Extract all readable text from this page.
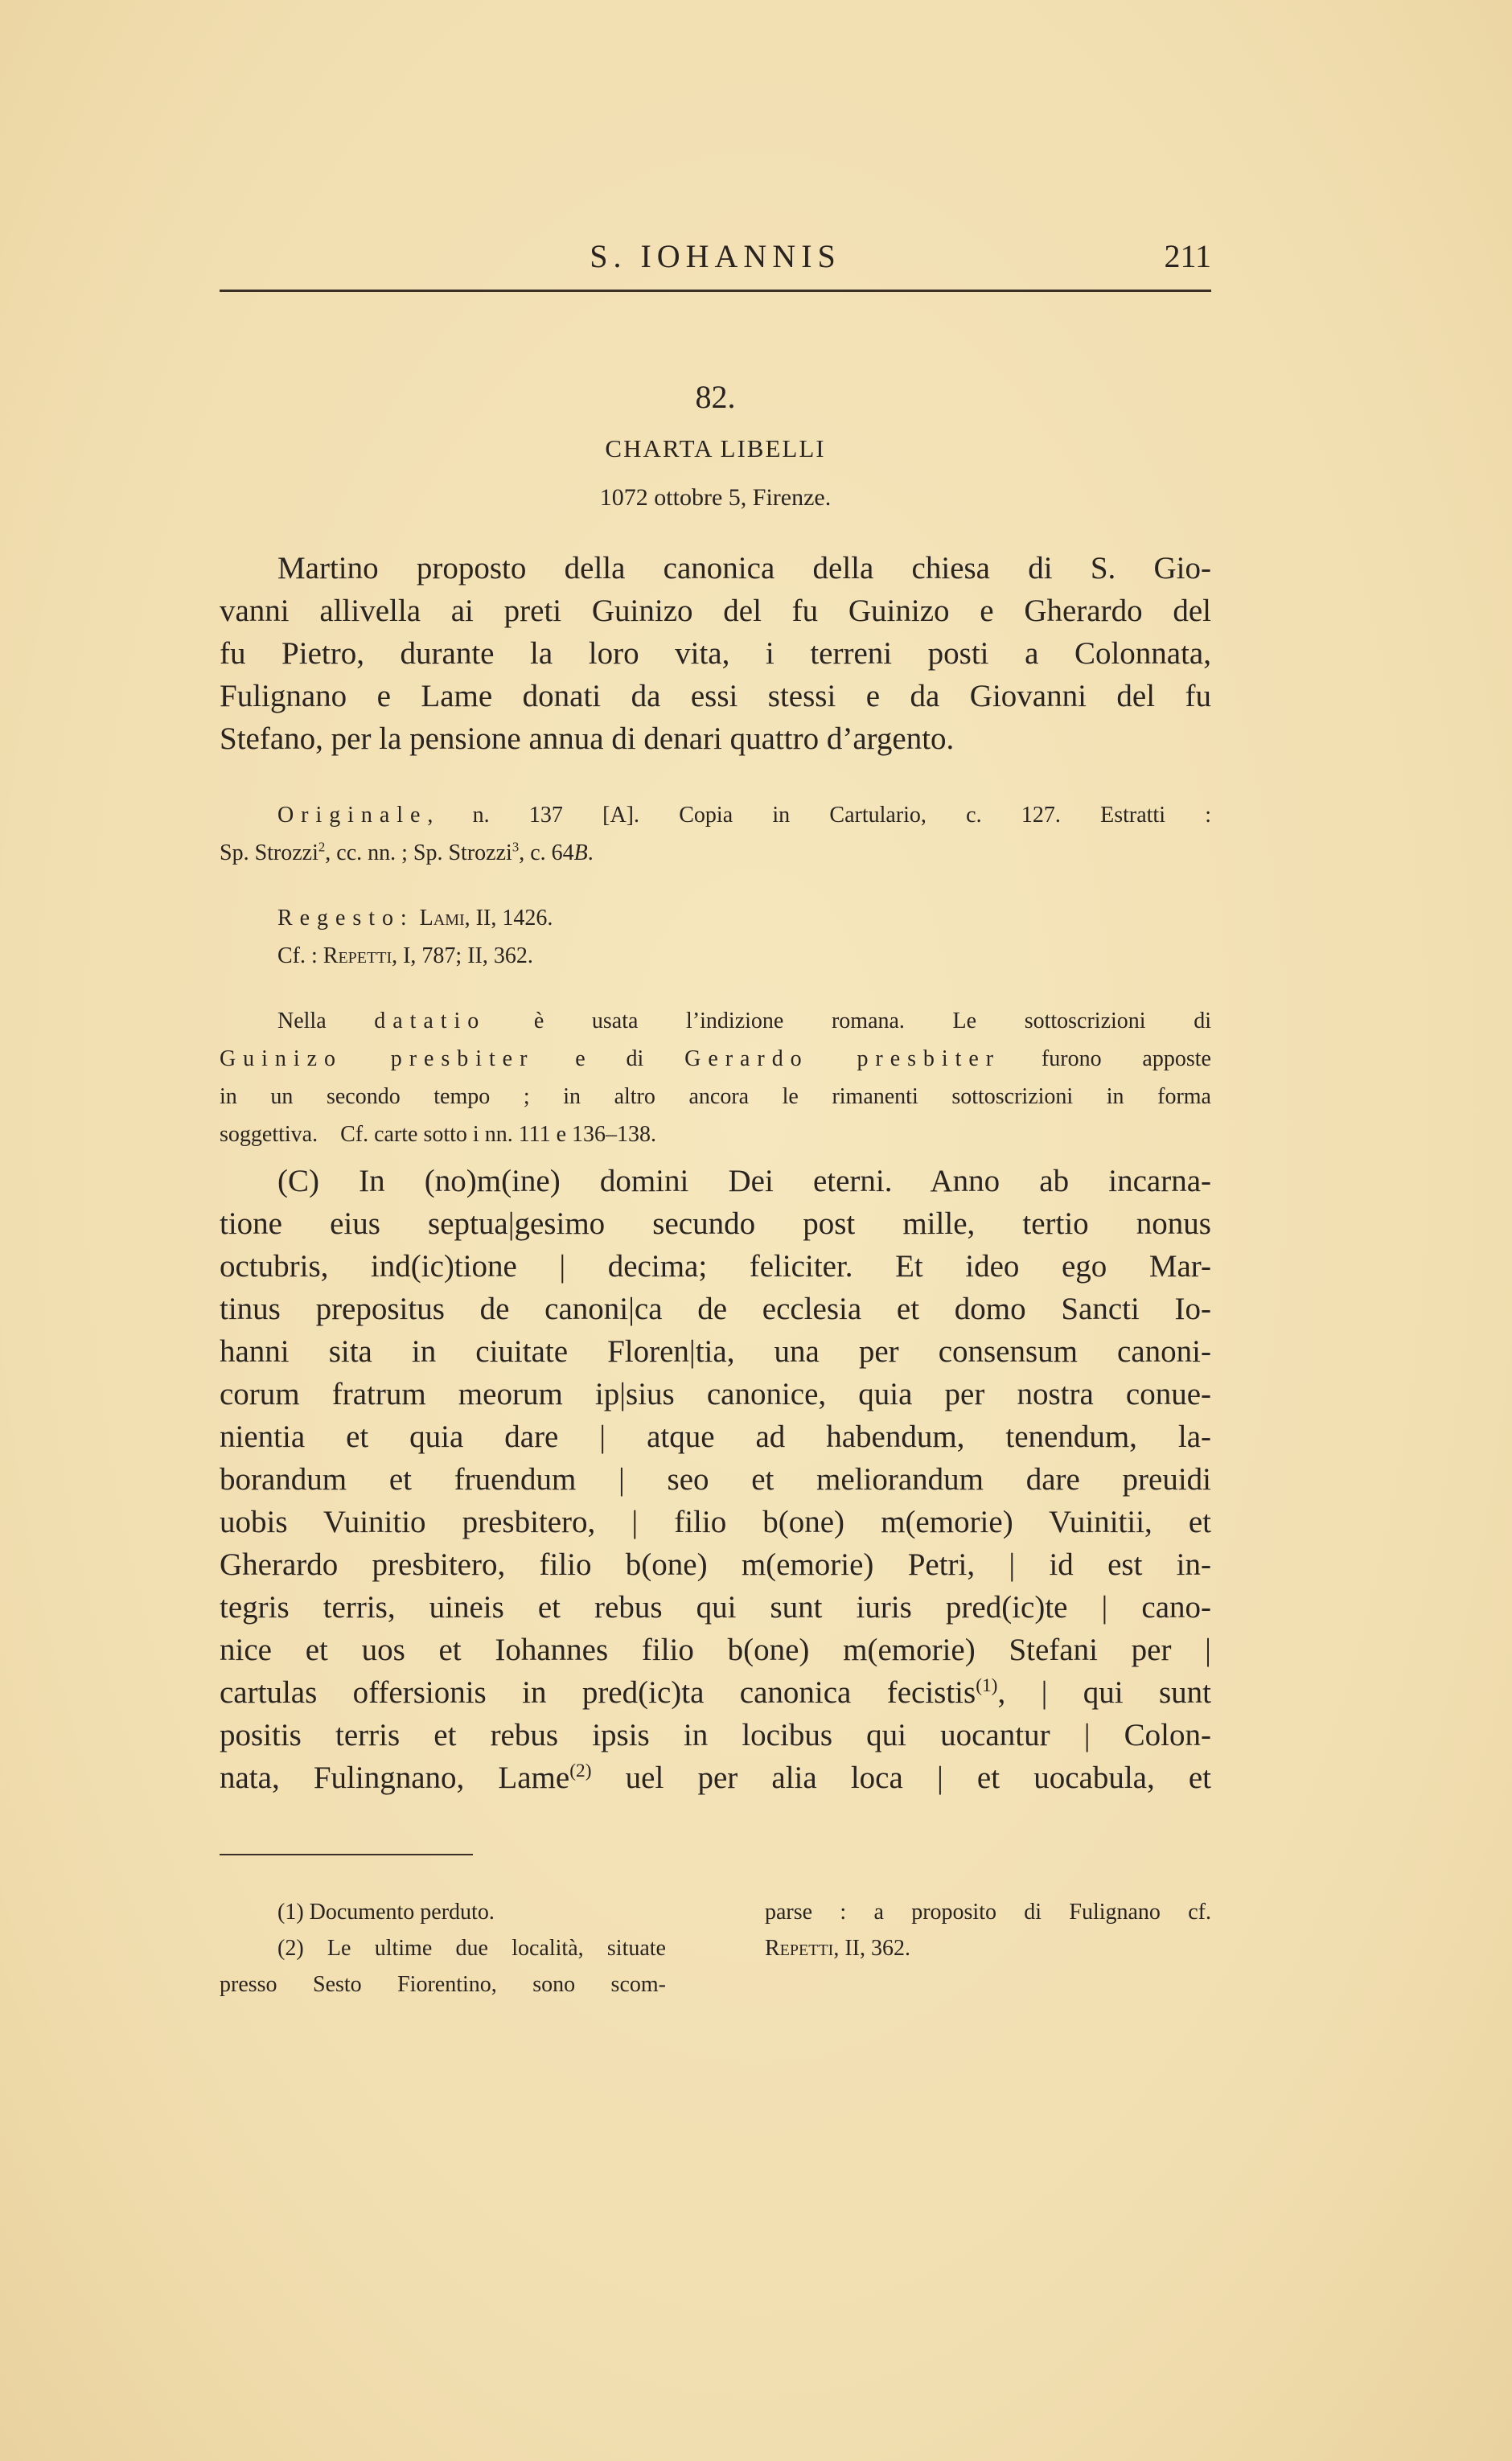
S. IOHANNIS	211
82.
CHARTA LIBELLI
1072 ottobre 5, Firenze.
Martino proposto della canonica della chiesa di S. Gio-
vanni allivella ai preti Guinizo del fu Guinizo e Gherardo del
fu Pietro, durante la loro vita, i terreni posti a Colonnata,
Fulignano e Lame donati da essi stessi e da Giovanni del fu
Stefano, per la pensione annua di denari quattro d’argento.
Originale, n. 137 [A]. Copia in Cartulario, c. 127. Estratti :
Sp. Strozzi$^2$, cc. nn. ; Sp. Strozzi$^3$, c. 64B.
Regesto: Lami, II, 1426.
Cf. : Repetti, I, 787; II, 362.
Nella datatio è usata l’indizione romana. Le sottoscrizioni di
Guinizo presbiter e di Gerardo presbiter furono apposte
in un secondo tempo ; in altro ancora le rimanenti sottoscrizioni in forma
soggettiva.    Cf. carte sotto i nn. 111 e 136–138.
(C) In (no)m(ine) domini Dei eterni. Anno ab incarna-
tione eius septua|gesimo secundo post mille, tertio nonus
octubris, ind(ic)tione | decima; feliciter. Et ideo ego Mar-
tinus prepositus de canoni|ca de ecclesia et domo Sancti Io-
hanni sita in ciuitate Floren|tia, una per consensum canoni-
corum fratrum meorum ip|sius canonice, quia per nostra conue-
nientia et quia dare | atque ad habendum, tenendum, la-
borandum et fruendum | seo et meliorandum dare preuidi
uobis Vuinitio presbitero, | filio b(one) m(emorie) Vuinitii, et
Gherardo presbitero, filio b(one) m(emorie) Petri, | id est in-
tegris terris, uineis et rebus qui sunt iuris pred(ic)te | cano-
nice et uos et Iohannes filio b(one) m(emorie) Stefani per |
cartulas offersionis in pred(ic)ta canonica fecistis$^{(1)}$, | qui sunt
positis terris et rebus ipsis in locibus qui uocantur | Colon-
nata, Fulingnano, Lame$^{(2)}$ uel per alia loca | et uocabula, et
(1) Documento perduto.
(2) Le ultime due località, situate
presso Sesto Fiorentino, sono scom-
parse : a proposito di Fulignano cf.
Repetti, II, 362.
